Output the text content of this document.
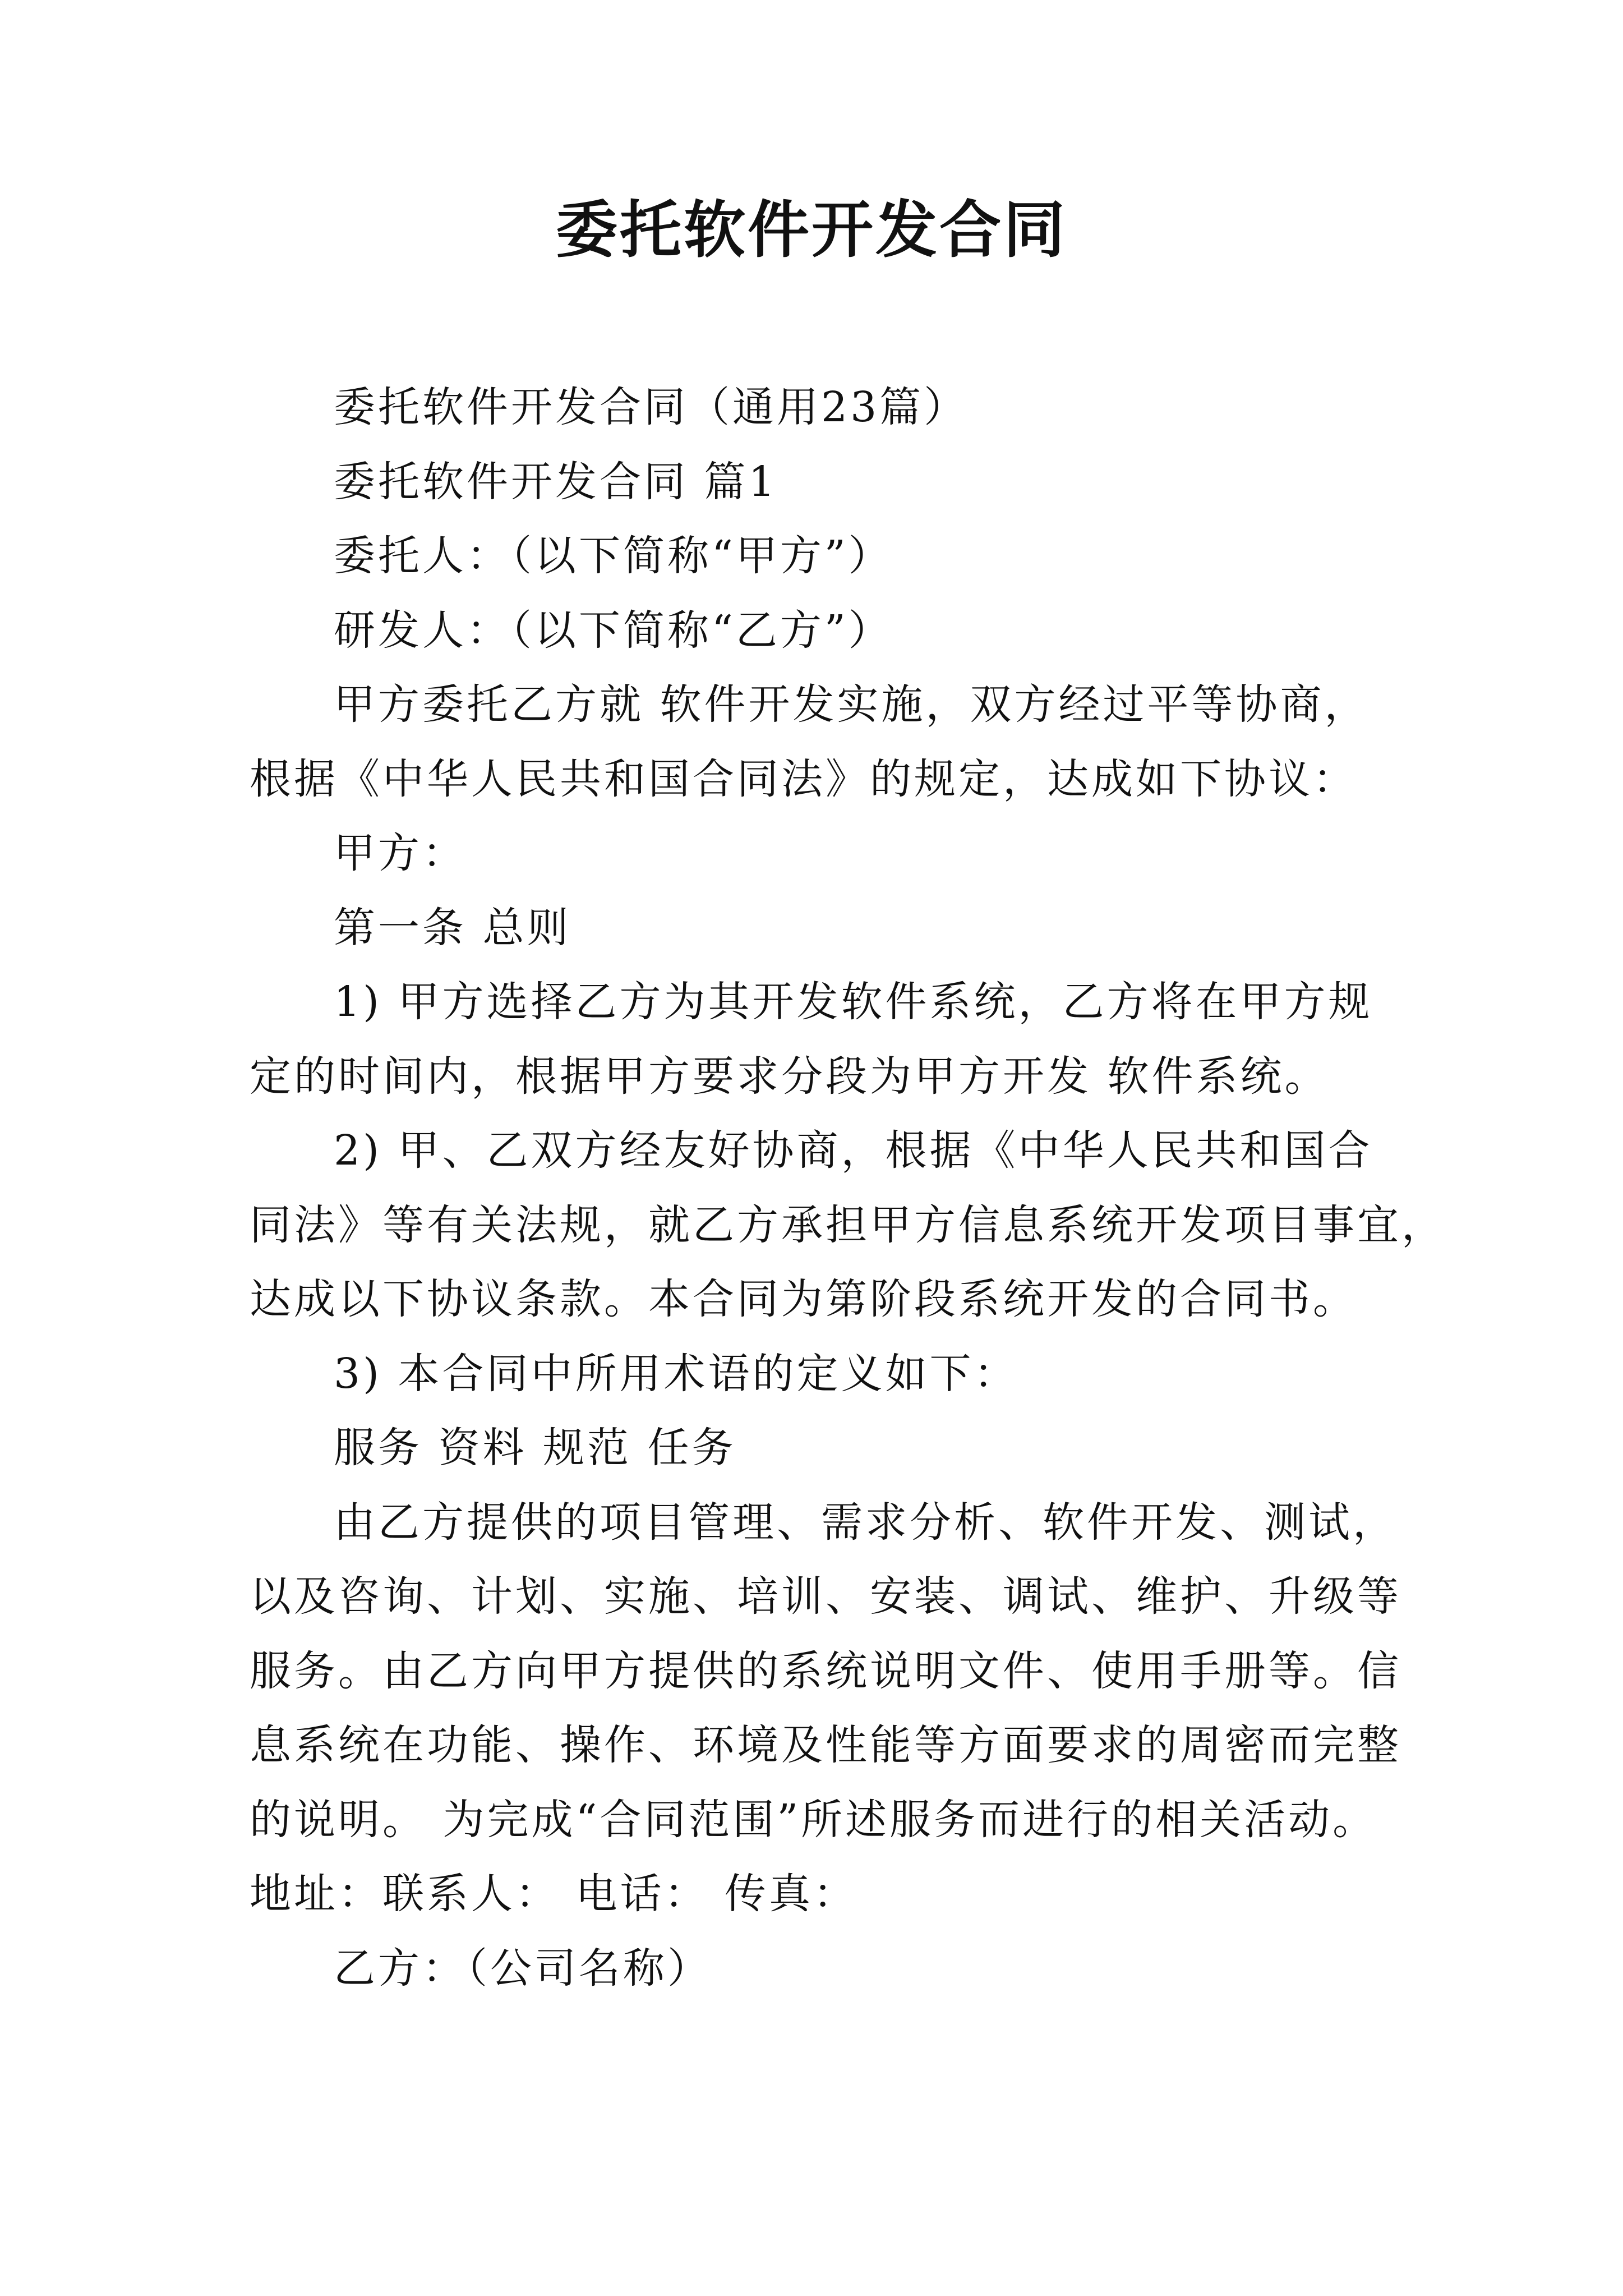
委托软件开发合同

委托软件开发合同（通用23篇）

委托软件开发合同 篇1

委托人：（以下简称“甲方”）

研发人：（以下简称“乙方”）

甲方委托乙方就 软件开发实施，双方经过平等协商，
根据《中华人民共和国合同法》的规定，达成如下协议：

甲方：

第一条 总则

1) 甲方选择乙方为其开发软件系统，乙方将在甲方规
定的时间内，根据甲方要求分段为甲方开发 软件系统。

2) 甲、乙双方经友好协商，根据《中华人民共和国合
同法》等有关法规，就乙方承担甲方信息系统开发项目事宜，
达成以下协议条款。本合同为第阶段系统开发的合同书。

3) 本合同中所用术语的定义如下：

服务 资料 规范 任务

由乙方提供的项目管理、需求分析、软件开发、测试，
以及咨询、计划、实施、培训、安装、调试、维护、升级等
服务。由乙方向甲方提供的系统说明文件、使用手册等。信
息系统在功能、操作、环境及性能等方面要求的周密而完整
的说明。 为完成“合同范围”所述服务而进行的相关活动。
地址：联系人： 电话： 传真：

乙方：（公司名称）
